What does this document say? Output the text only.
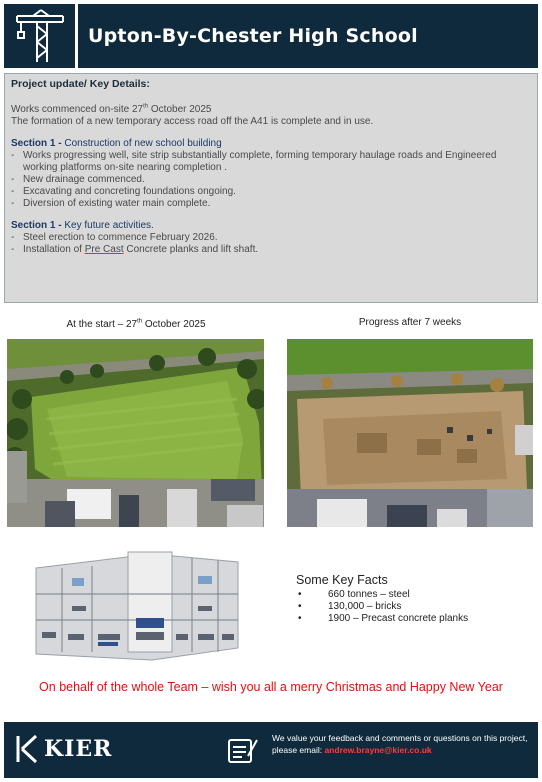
Upton-By-Chester High School
Project update/ Key Details:

Works commenced on-site 27th October 2025

The formation of a new temporary access road off the A41 is complete and in use.

Section 1 - Construction of new school building
- Works progressing well, site strip substantially complete, forming temporary haulage roads and Engineered working platforms on-site nearing completion .
- New drainage commenced.
- Excavating and concreting foundations ongoing.
- Diversion of existing water main complete.
Section 1 - Key future activities.
- Steel erection to commence February 2026.
- Installation of Pre Cast Concrete planks and lift shaft.
At the start – 27th October 2025	Progress after 7 weeks
Some Key Facts
• 660 tonnes – steel
• 130,000 – bricks
• 1900 – Precast concrete planks
On behalf of the whole Team – wish you all a merry Christmas and Happy New Year
KIER	We value your feedback and comments or questions on this project, please email: andrew.brayne@kier.co.uk
